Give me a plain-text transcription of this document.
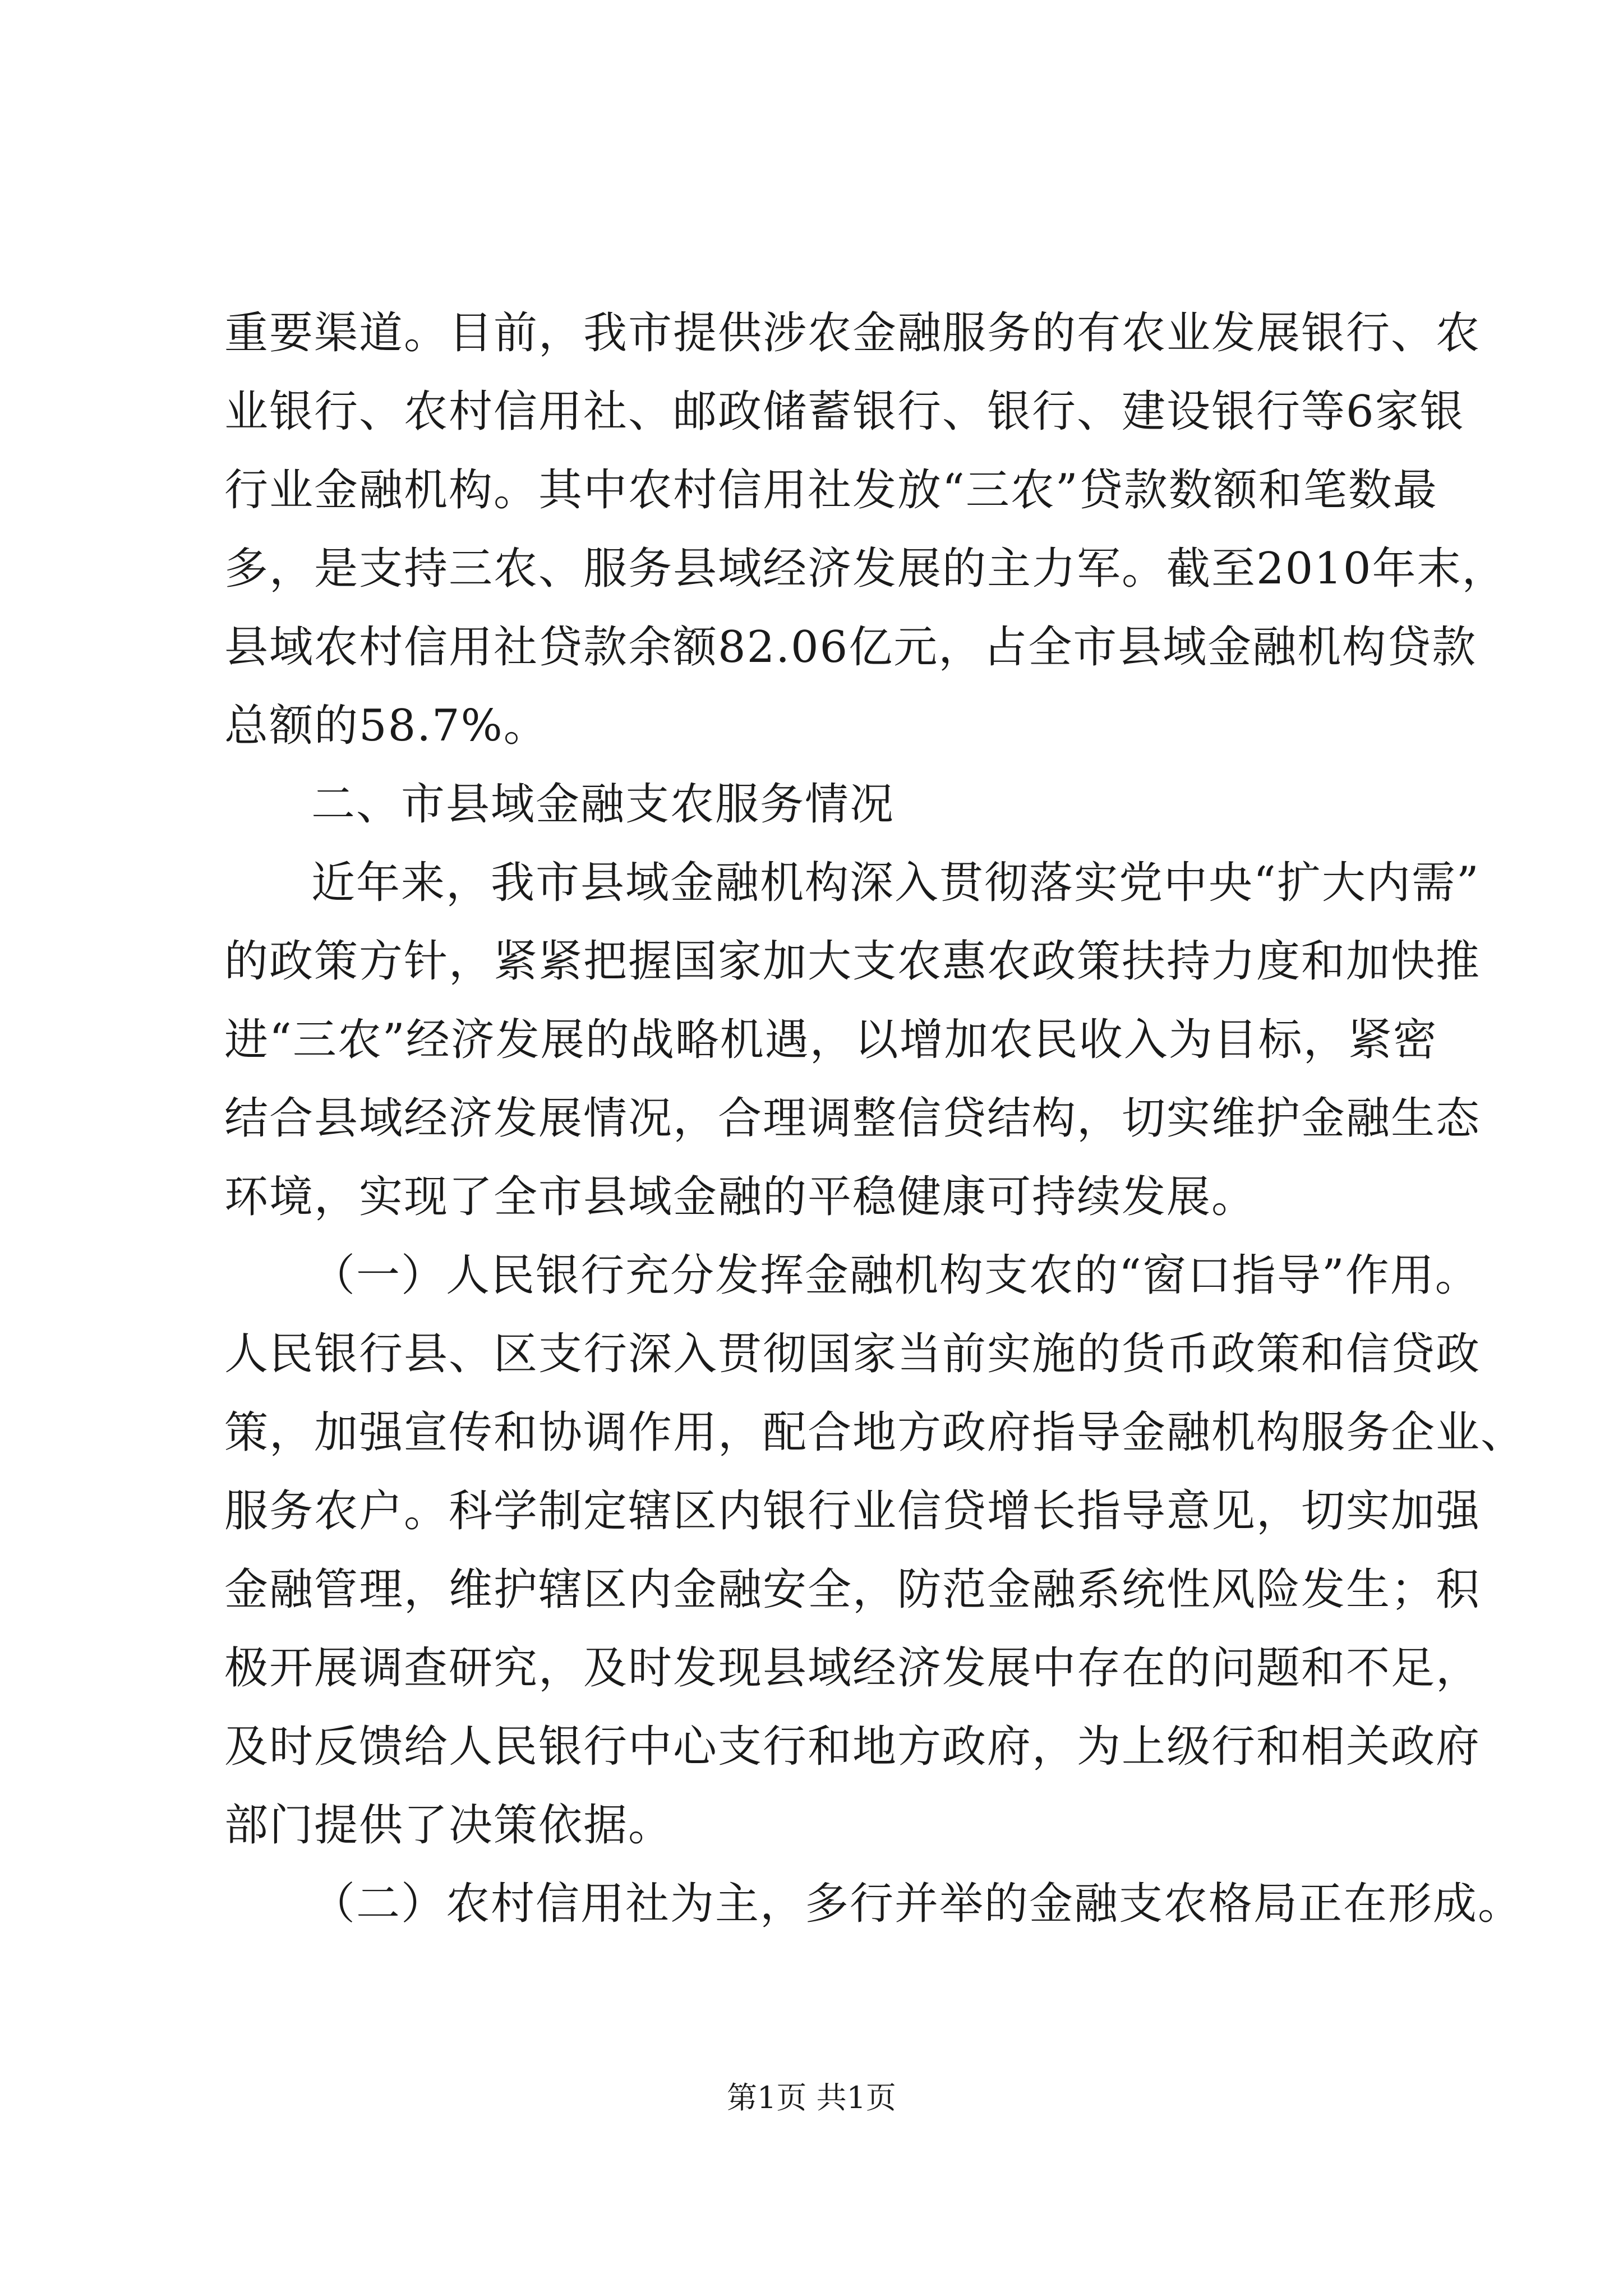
重要渠道。目前，我市提供涉农金融服务的有农业发展银行、农
业银行、农村信用社、邮政储蓄银行、银行、建设银行等6家银
行业金融机构。其中农村信用社发放“三农”贷款数额和笔数最
多，是支持三农、服务县域经济发展的主力军。截至2010年末，
县域农村信用社贷款余额82.06亿元，占全市县域金融机构贷款
总额的58.7%。
二、市县域金融支农服务情况
近年来，我市县域金融机构深入贯彻落实党中央“扩大内需”
的政策方针，紧紧把握国家加大支农惠农政策扶持力度和加快推
进“三农”经济发展的战略机遇，以增加农民收入为目标，紧密
结合县域经济发展情况，合理调整信贷结构，切实维护金融生态
环境，实现了全市县域金融的平稳健康可持续发展。
（一）人民银行充分发挥金融机构支农的“窗口指导”作用。
人民银行县、区支行深入贯彻国家当前实施的货币政策和信贷政
策，加强宣传和协调作用，配合地方政府指导金融机构服务企业、
服务农户。科学制定辖区内银行业信贷增长指导意见，切实加强
金融管理，维护辖区内金融安全，防范金融系统性风险发生；积
极开展调查研究，及时发现县域经济发展中存在的问题和不足，
及时反馈给人民银行中心支行和地方政府，为上级行和相关政府
部门提供了决策依据。
（二）农村信用社为主，多行并举的金融支农格局正在形成。
第1页 共1页
